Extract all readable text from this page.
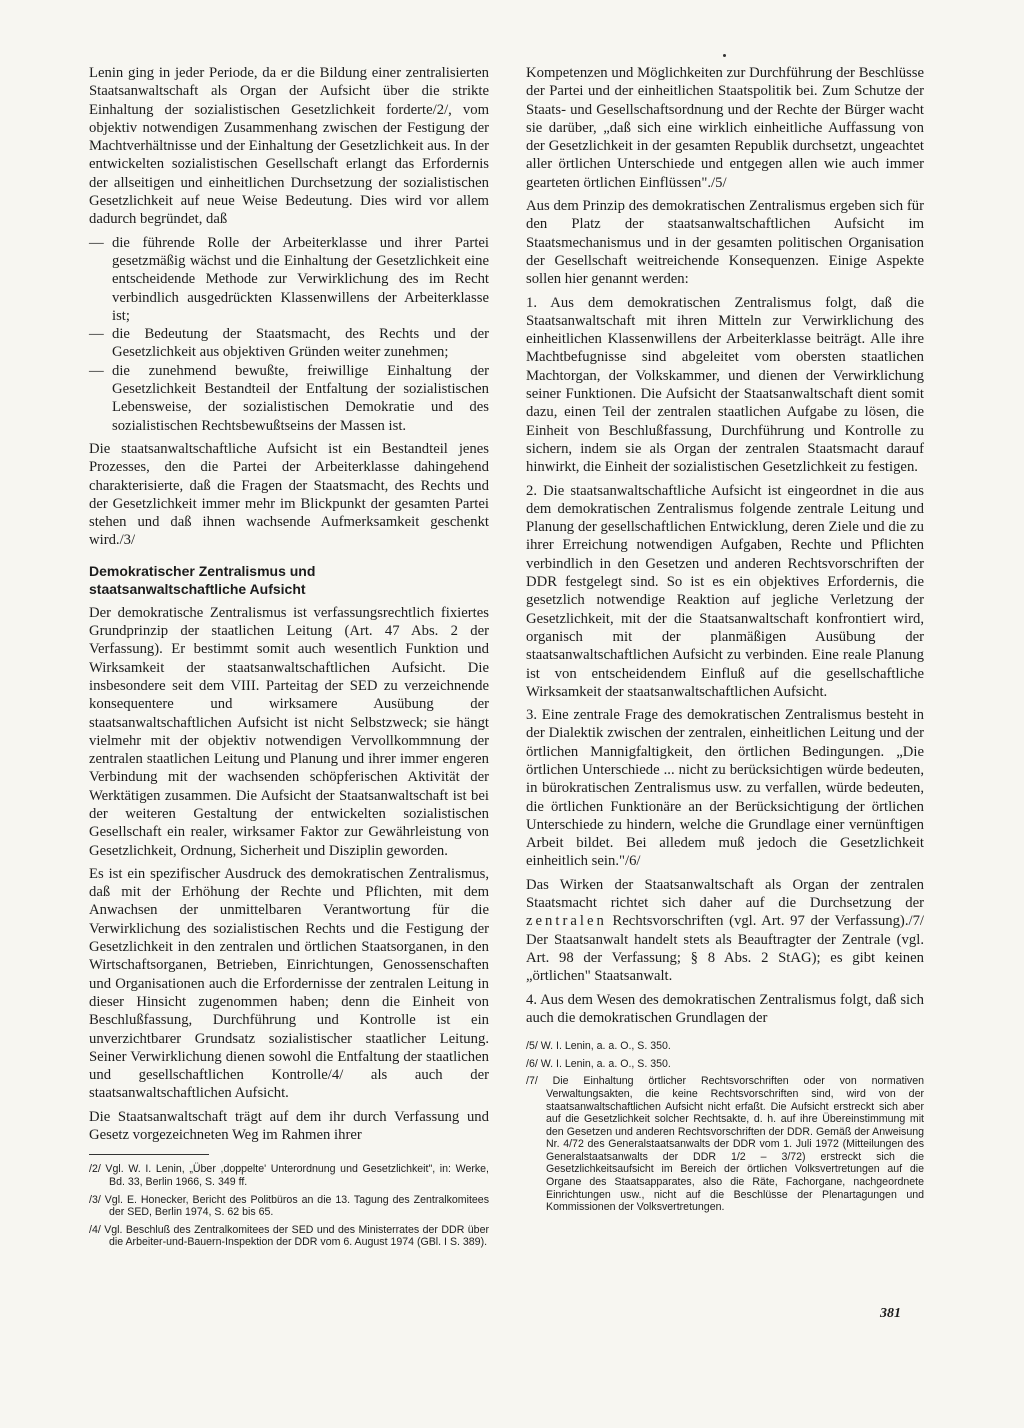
Lenin ging in jeder Periode, da er die Bildung einer zentralisierten Staatsanwaltschaft als Organ der Aufsicht über die strikte Einhaltung der sozialistischen Gesetzlichkeit forderte/2/, vom objektiv notwendigen Zusammenhang zwischen der Festigung der Machtverhältnisse und der Einhaltung der Gesetzlichkeit aus. In der entwickelten sozialistischen Gesellschaft erlangt das Erfordernis der allseitigen und einheitlichen Durchsetzung der sozialistischen Gesetzlichkeit auf neue Weise Bedeutung. Dies wird vor allem dadurch begründet, daß

— die führende Rolle der Arbeiterklasse und ihrer Partei gesetzmäßig wächst und die Einhaltung der Gesetzlichkeit eine entscheidende Methode zur Verwirklichung des im Recht verbindlich ausgedrückten Klassenwillens der Arbeiterklasse ist;
— die Bedeutung der Staatsmacht, des Rechts und der Gesetzlichkeit aus objektiven Gründen weiter zunehmen;
— die zunehmend bewußte, freiwillige Einhaltung der Gesetzlichkeit Bestandteil der Entfaltung der sozialistischen Lebensweise, der sozialistischen Demokratie und des sozialistischen Rechtsbewußtseins der Massen ist.

Die staatsanwaltschaftliche Aufsicht ist ein Bestandteil jenes Prozesses, den die Partei der Arbeiterklasse dahingehend charakterisierte, daß die Fragen der Staatsmacht, des Rechts und der Gesetzlichkeit immer mehr im Blickpunkt der gesamten Partei stehen und daß ihnen wachsende Aufmerksamkeit geschenkt wird./3/

Demokratischer Zentralismus und
staatsanwaltschaftliche Aufsicht

Der demokratische Zentralismus ist verfassungsrechtlich fixiertes Grundprinzip der staatlichen Leitung (Art. 47 Abs. 2 der Verfassung). Er bestimmt somit auch wesentlich Funktion und Wirksamkeit der staatsanwaltschaftlichen Aufsicht. Die insbesondere seit dem VIII. Parteitag der SED zu verzeichnende konsequentere und wirksamere Ausübung der staatsanwaltschaftlichen Aufsicht ist nicht Selbstzweck; sie hängt vielmehr mit der objektiv notwendigen Vervollkommnung der zentralen staatlichen Leitung und Planung und ihrer immer engeren Verbindung mit der wachsenden schöpferischen Aktivität der Werktätigen zusammen. Die Aufsicht der Staatsanwaltschaft ist bei der weiteren Gestaltung der entwickelten sozialistischen Gesellschaft ein realer, wirksamer Faktor zur Gewährleistung von Gesetzlichkeit, Ordnung, Sicherheit und Disziplin geworden.

Es ist ein spezifischer Ausdruck des demokratischen Zentralismus, daß mit der Erhöhung der Rechte und Pflichten, mit dem Anwachsen der unmittelbaren Verantwortung für die Verwirklichung des sozialistischen Rechts und die Festigung der Gesetzlichkeit in den zentralen und örtlichen Staatsorganen, in den Wirtschaftsorganen, Betrieben, Einrichtungen, Genossenschaften und Organisationen auch die Erfordernisse der zentralen Leitung in dieser Hinsicht zugenommen haben; denn die Einheit von Beschlußfassung, Durchführung und Kontrolle ist ein unverzichtbarer Grundsatz sozialistischer staatlicher Leitung. Seiner Verwirklichung dienen sowohl die Entfaltung der staatlichen und gesellschaftlichen Kontrolle/4/ als auch der staatsanwaltschaftlichen Aufsicht.

Die Staatsanwaltschaft trägt auf dem ihr durch Verfassung und Gesetz vorgezeichneten Weg im Rahmen ihrer

/2/ Vgl. W. I. Lenin, „Über ,doppelte' Unterordnung und Gesetzlichkeit", in: Werke, Bd. 33, Berlin 1966, S. 349 ff.

/3/ Vgl. E. Honecker, Bericht des Politbüros an die 13. Tagung des Zentralkomitees der SED, Berlin 1974, S. 62 bis 65.

/4/ Vgl. Beschluß des Zentralkomitees der SED und des Ministerrates der DDR über die Arbeiter-und-Bauern-Inspektion der DDR vom 6. August 1974 (GBl. I S. 389).

Kompetenzen und Möglichkeiten zur Durchführung der Beschlüsse der Partei und der einheitlichen Staatspolitik bei. Zum Schutze der Staats- und Gesellschaftsordnung und der Rechte der Bürger wacht sie darüber, „daß sich eine wirklich einheitliche Auffassung von der Gesetzlichkeit in der gesamten Republik durchsetzt, ungeachtet aller örtlichen Unterschiede und entgegen allen wie auch immer gearteten örtlichen Einflüssen"./5/

Aus dem Prinzip des demokratischen Zentralismus ergeben sich für den Platz der staatsanwaltschaftlichen Aufsicht im Staatsmechanismus und in der gesamten politischen Organisation der Gesellschaft weitreichende Konsequenzen. Einige Aspekte sollen hier genannt werden:

1. Aus dem demokratischen Zentralismus folgt, daß die Staatsanwaltschaft mit ihren Mitteln zur Verwirklichung des einheitlichen Klassenwillens der Arbeiterklasse beiträgt. Alle ihre Machtbefugnisse sind abgeleitet vom obersten staatlichen Machtorgan, der Volkskammer, und dienen der Verwirklichung seiner Funktionen. Die Aufsicht der Staatsanwaltschaft dient somit dazu, einen Teil der zentralen staatlichen Aufgabe zu lösen, die Einheit von Beschlußfassung, Durchführung und Kontrolle zu sichern, indem sie als Organ der zentralen Staatsmacht darauf hinwirkt, die Einheit der sozialistischen Gesetzlichkeit zu festigen.

2. Die staatsanwaltschaftliche Aufsicht ist eingeordnet in die aus dem demokratischen Zentralismus folgende zentrale Leitung und Planung der gesellschaftlichen Entwicklung, deren Ziele und die zu ihrer Erreichung notwendigen Aufgaben, Rechte und Pflichten verbindlich in den Gesetzen und anderen Rechtsvorschriften der DDR festgelegt sind. So ist es ein objektives Erfordernis, die gesetzlich notwendige Reaktion auf jegliche Verletzung der Gesetzlichkeit, mit der die Staatsanwaltschaft konfrontiert wird, organisch mit der planmäßigen Ausübung der staatsanwaltschaftlichen Aufsicht zu verbinden. Eine reale Planung ist von entscheidendem Einfluß auf die gesellschaftliche Wirksamkeit der staatsanwaltschaftlichen Aufsicht.

3. Eine zentrale Frage des demokratischen Zentralismus besteht in der Dialektik zwischen der zentralen, einheitlichen Leitung und der örtlichen Mannigfaltigkeit, den örtlichen Bedingungen. „Die örtlichen Unterschiede ... nicht zu berücksichtigen würde bedeuten, in bürokratischen Zentralismus usw. zu verfallen, würde bedeuten, die örtlichen Funktionäre an der Berücksichtigung der örtlichen Unterschiede zu hindern, welche die Grundlage einer vernünftigen Arbeit bildet. Bei alledem muß jedoch die Gesetzlichkeit einheitlich sein."/6/

Das Wirken der Staatsanwaltschaft als Organ der zentralen Staatsmacht richtet sich daher auf die Durchsetzung der zentralen Rechtsvorschriften (vgl. Art. 97 der Verfassung)./7/ Der Staatsanwalt handelt stets als Beauftragter der Zentrale (vgl. Art. 98 der Verfassung; § 8 Abs. 2 StAG); es gibt keinen „örtlichen" Staatsanwalt.

4. Aus dem Wesen des demokratischen Zentralismus folgt, daß sich auch die demokratischen Grundlagen der

/5/ W. I. Lenin, a. a. O., S. 350.

/6/ W. I. Lenin, a. a. O., S. 350.

/7/ Die Einhaltung örtlicher Rechtsvorschriften oder von normativen Verwaltungsakten, die keine Rechtsvorschriften sind, wird von der staatsanwaltschaftlichen Aufsicht nicht erfaßt. Die Aufsicht erstreckt sich aber auf die Gesetzlichkeit solcher Rechtsakte, d. h. auf ihre Übereinstimmung mit den Gesetzen und anderen Rechtsvorschriften der DDR. Gemäß der Anweisung Nr. 4/72 des Generalstaatsanwalts der DDR vom 1. Juli 1972 (Mitteilungen des Generalstaatsanwalts der DDR 1/2 – 3/72) erstreckt sich die Gesetzlichkeitsaufsicht im Bereich der örtlichen Volksvertretungen auf die Organe des Staatsapparates, also die Räte, Fachorgane, nachgeordnete Einrichtungen usw., nicht auf die Beschlüsse der Plenartagungen und Kommissionen der Volksvertretungen.

381
